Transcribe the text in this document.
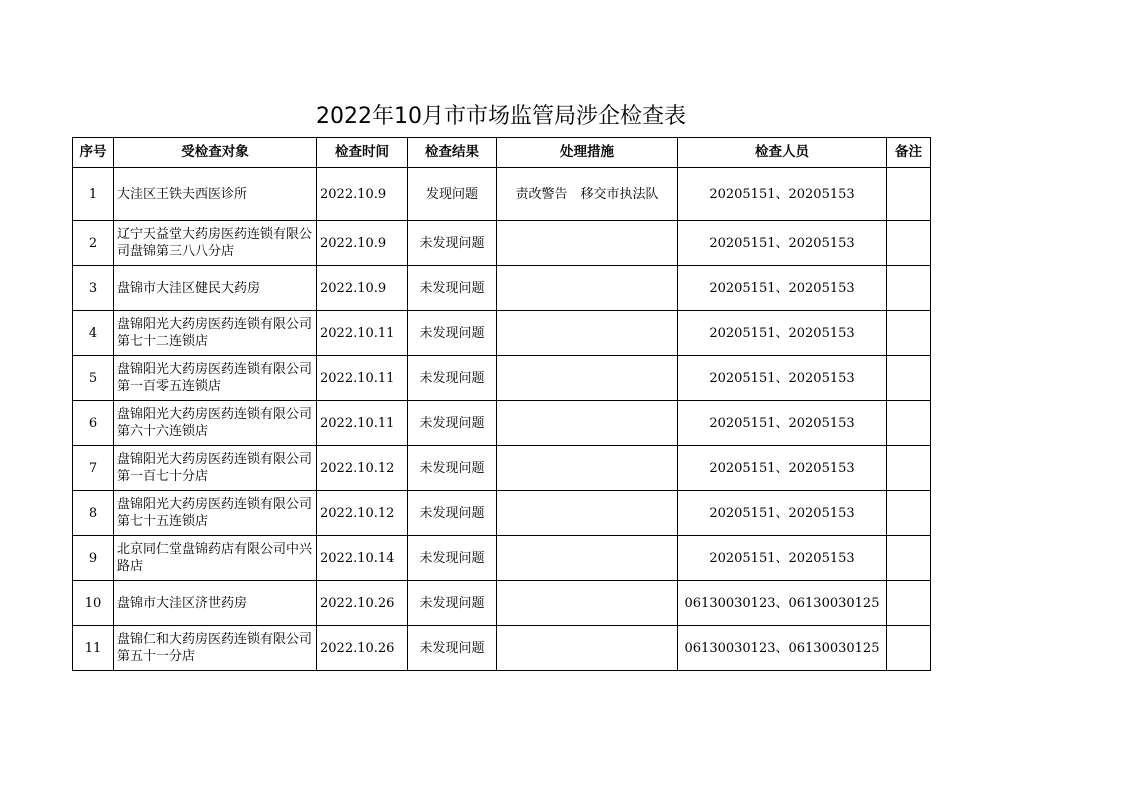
2022年10月市市场监管局涉企检查表
序号	受检查对象	检查时间	检查结果	处理措施	检查人员	备注
1	大洼区王铁夫西医诊所	2022.10.9	发现问题	责改警告　移交市执法队	20205151、20205153	
2	辽宁天益堂大药房医药连锁有限公司盘锦第三八八分店	2022.10.9	未发现问题		20205151、20205153	
3	盘锦市大洼区健民大药房	2022.10.9	未发现问题		20205151、20205153	
4	盘锦阳光大药房医药连锁有限公司第七十二连锁店	2022.10.11	未发现问题		20205151、20205153	
5	盘锦阳光大药房医药连锁有限公司第一百零五连锁店	2022.10.11	未发现问题		20205151、20205153	
6	盘锦阳光大药房医药连锁有限公司第六十六连锁店	2022.10.11	未发现问题		20205151、20205153	
7	盘锦阳光大药房医药连锁有限公司第一百七十分店	2022.10.12	未发现问题		20205151、20205153	
8	盘锦阳光大药房医药连锁有限公司第七十五连锁店	2022.10.12	未发现问题		20205151、20205153	
9	北京同仁堂盘锦药店有限公司中兴路店	2022.10.14	未发现问题		20205151、20205153	
10	盘锦市大洼区济世药房	2022.10.26	未发现问题		06130030123、06130030125	
11	盘锦仁和大药房医药连锁有限公司第五十一分店	2022.10.26	未发现问题		06130030123、06130030125	
